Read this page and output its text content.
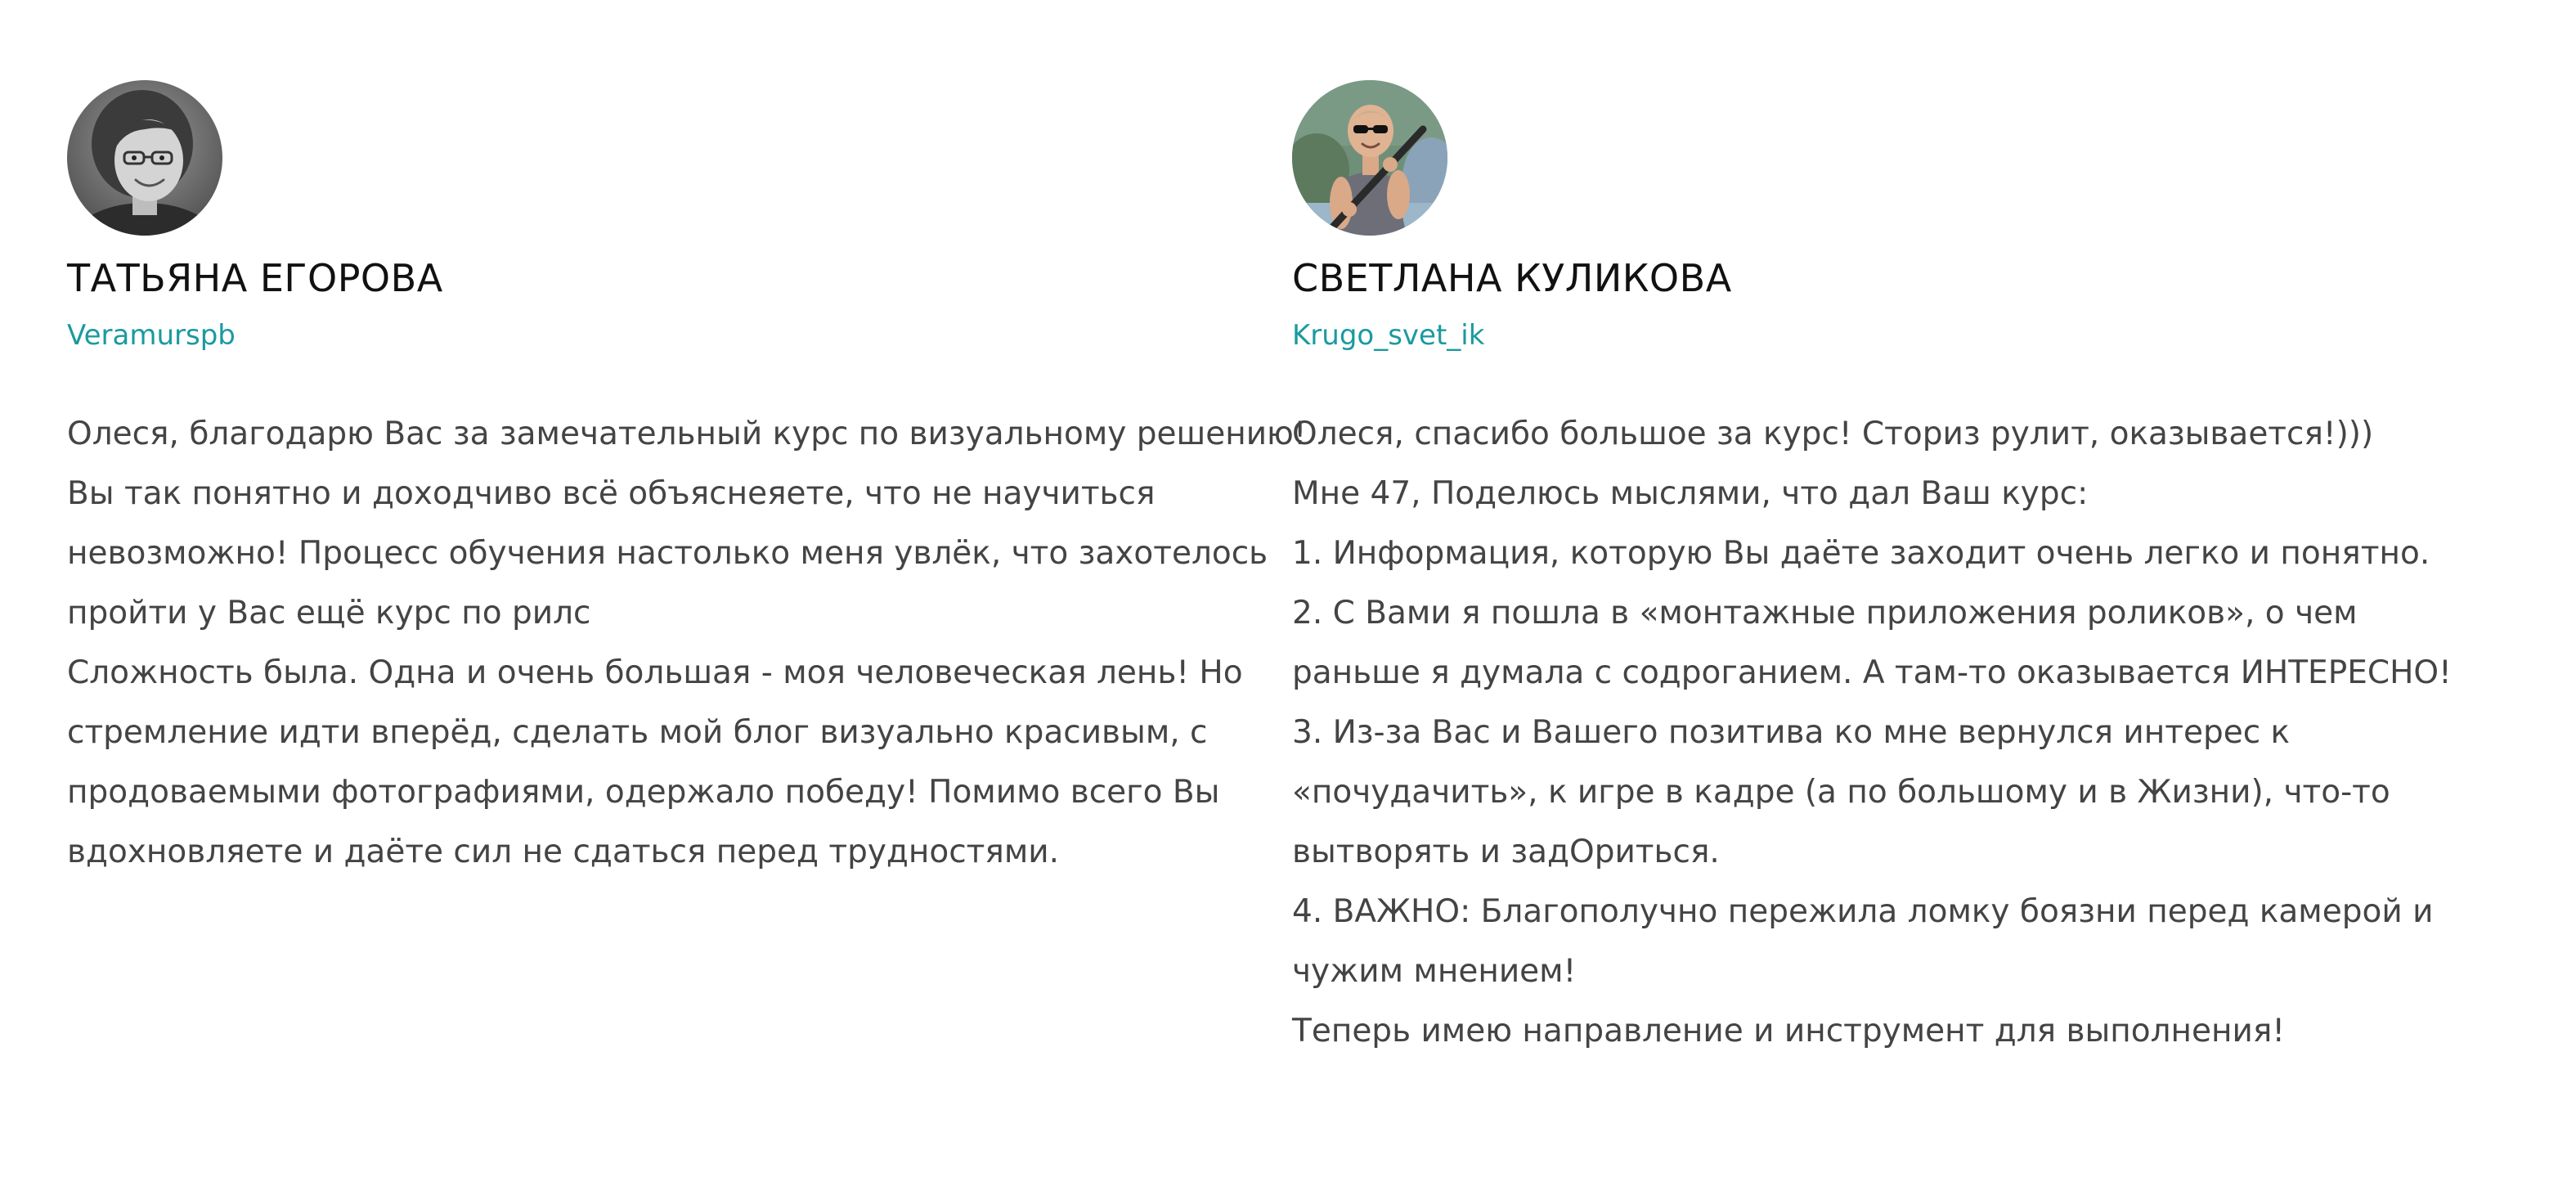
ТАТЬЯНА ЕГОРОВА
Veramurspb
Олеся, благодарю Вас за замечательный курс по визуальному решению!
Вы так понятно и доходчиво всё объяснеяете, что не научиться
невозможно! Процесс обучения настолько меня увлёк, что захотелось
пройти у Вас ещё курс по рилс
Сложность была. Одна и очень большая - моя человеческая лень! Но
стремление идти вперёд, сделать мой блог визуально красивым, с
продоваемыми фотографиями, одержало победу! Помимо всего Вы
вдохновляете и даёте сил не сдаться перед трудностями.
СВЕТЛАНА КУЛИКОВА
Krugo_svet_ik
Олеся, спасибо большое за курс! Сториз рулит, оказывается!)))
Мне 47, Поделюсь мыслями, что дал Ваш курс:
1. Информация, которую Вы даёте заходит очень легко и понятно.
2. С Вами я пошла в «монтажные приложения роликов», о чем
раньше я думала с содроганием. А там-то оказывается ИНТЕРЕСНО!
3. Из-за Вас и Вашего позитива ко мне вернулся интерес к
«почудачить», к игре в кадре (а по большому и в Жизни), что-то
вытворять и задОриться.
4. ВАЖНО: Благополучно пережила ломку боязни перед камерой и
чужим мнением!
Теперь имею направление и инструмент для выполнения!
